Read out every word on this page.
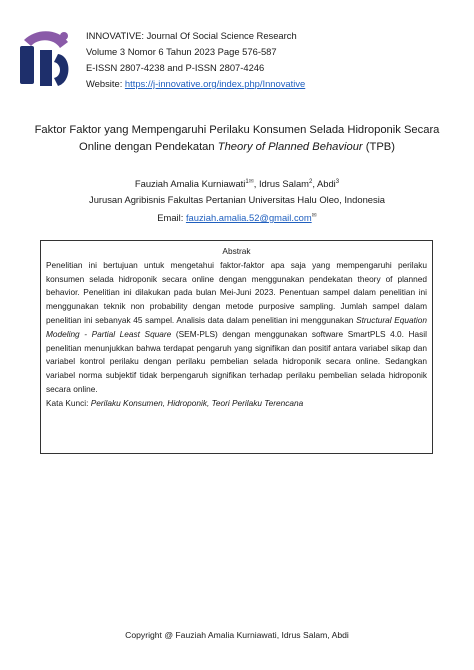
INNOVATIVE: Journal Of Social Science Research
Volume 3 Nomor 6 Tahun 2023 Page 576-587
E-ISSN 2807-4238 and P-ISSN 2807-4246
Website: https://j-innovative.org/index.php/Innovative
Faktor Faktor yang Mempengaruhi Perilaku Konsumen Selada Hidroponik Secara
Online dengan Pendekatan Theory of Planned Behaviour (TPB)
Fauziah Amalia Kurniawati$^1$✉, Idrus Salam$^2$, Abdi$^3$
Jurusan Agribisnis Fakultas Pertanian Universitas Halu Oleo, Indonesia
Email: fauziah.amalia.52@gmail.com✉
Abstrak
Penelitian ini bertujuan untuk mengetahui faktor-faktor apa saja yang mempengaruhi perilaku konsumen selada hidroponik secara online dengan menggunakan pendekatan theory of planned behavior. Penelitian ini dilakukan pada bulan Mei-Juni 2023. Penentuan sampel dalam penelitian ini menggunakan teknik non probability dengan metode purposive sampling. Jumlah sampel dalam penelitian ini sebanyak 45 sampel. Analisis data dalam penelitian ini menggunakan Structural Equation Modeling - Partial Least Square (SEM-PLS) dengan menggunakan software SmartPLS 4.0. Hasil penelitian menunjukkan bahwa terdapat pengaruh yang signifikan dan positif antara variabel sikap dan variabel kontrol perilaku dengan perilaku pembelian selada hidroponik secara online. Sedangkan variabel norma subjektif tidak berpengaruh signifikan terhadap perilaku pembelian selada hidroponik secara online.
Kata Kunci: Perilaku Konsumen, Hidroponik, Teori Perilaku Terencana
Copyright @ Fauziah Amalia Kurniawati, Idrus Salam, Abdi
